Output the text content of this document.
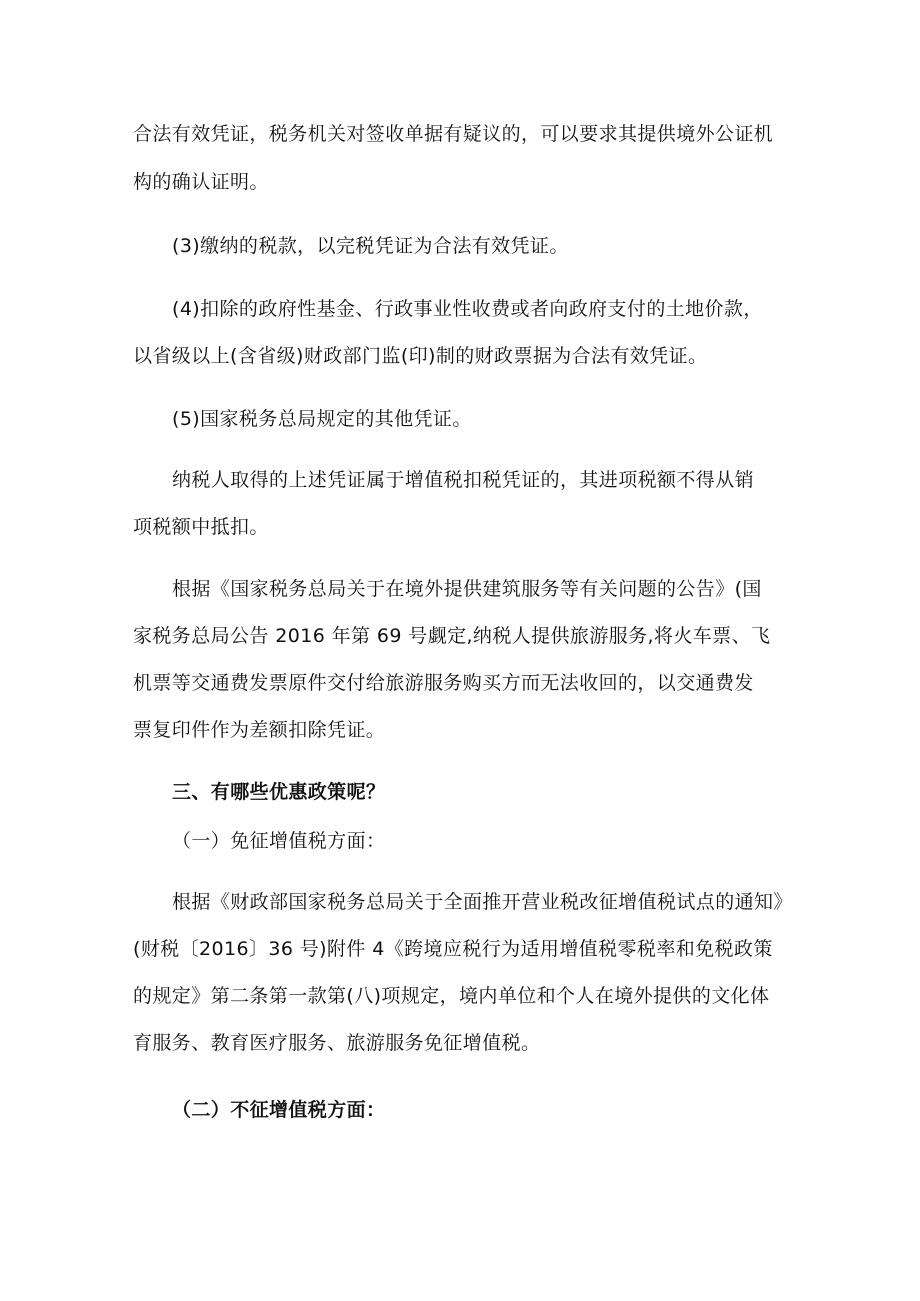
合法有效凭证，税务机关对签收单据有疑议的，可以要求其提供境外公证机
构的确认证明。
(3)缴纳的税款，以完税凭证为合法有效凭证。
(4)扣除的政府性基金、行政事业性收费或者向政府支付的土地价款，
以省级以上(含省级)财政部门监(印)制的财政票据为合法有效凭证。
(5)国家税务总局规定的其他凭证。
纳税人取得的上述凭证属于增值税扣税凭证的，其进项税额不得从销
项税额中抵扣。
根据《国家税务总局关于在境外提供建筑服务等有关问题的公告》(国
家税务总局公告 2016 年第 69 号觑定,纳税人提供旅游服务,将火车票、飞
机票等交通费发票原件交付给旅游服务购买方而无法收回的，以交通费发
票复印件作为差额扣除凭证。
三、有哪些优惠政策呢？
（一）免征增值税方面：
根据《财政部国家税务总局关于全面推开营业税改征增值税试点的通知》
(财税〔2016〕36 号)附件 4《跨境应税行为适用增值税零税率和免税政策
的规定》第二条第一款第(八)项规定，境内单位和个人在境外提供的文化体
育服务、教育医疗服务、旅游服务免征增值税。
（二）不征增值税方面：
